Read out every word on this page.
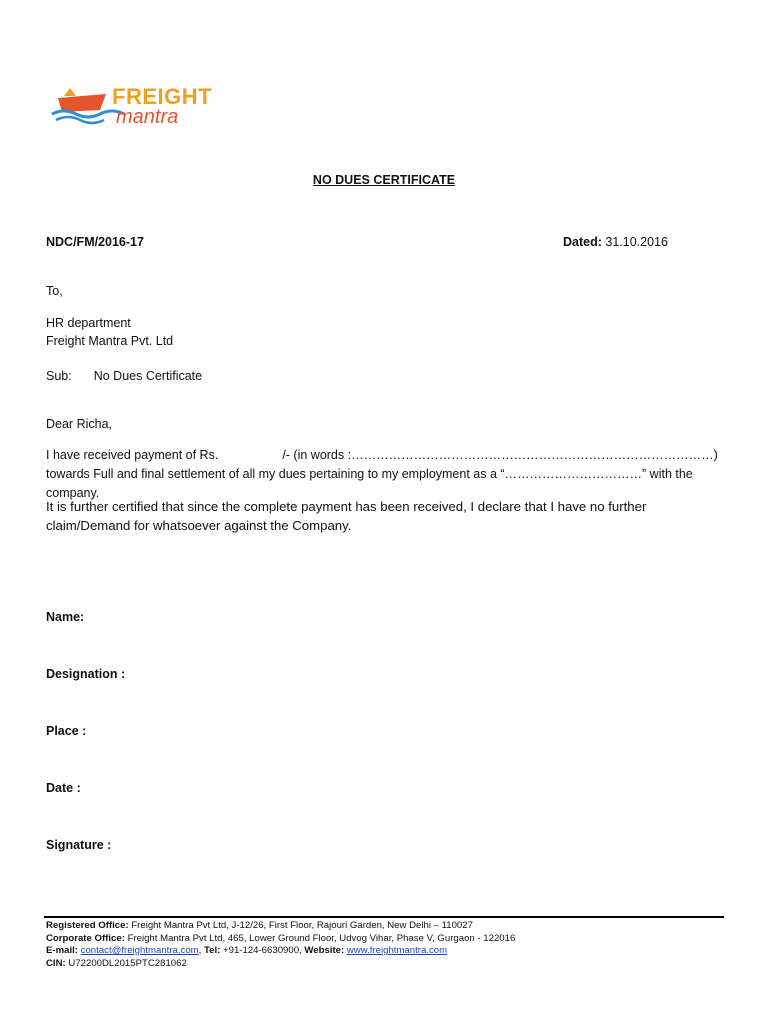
FREIGHT
mantra
NO DUES CERTIFICATE
NDC/FM/2016-17	Dated: 31.10.2016
To,
HR department
Freight Mantra Pvt. Ltd
Sub: No Dues Certificate
Dear Richa,
I have received payment of Rs.	/- (in words :……………………………………………………………………………) towards Full and final settlement of all my dues pertaining to my employment as a “……………………………” with the company.
It is further certified that since the complete payment has been received, I declare that I have no further claim/Demand for whatsoever against the Company.
Name:
Designation :
Place :
Date :
Signature :
Registered Office: Freight Mantra Pvt Ltd, J-12/26, First Floor, Rajouri Garden, New Delhi – 110027
Corporate Office: Freight Mantra Pvt Ltd, 465, Lower Ground Floor, Udvog Vihar, Phase V, Gurgaon - 122016
E-mail: contact@freightmantra.com, Tel: +91-124-6630900, Website: www.freightmantra.com
CIN: U72200DL2015PTC281062
